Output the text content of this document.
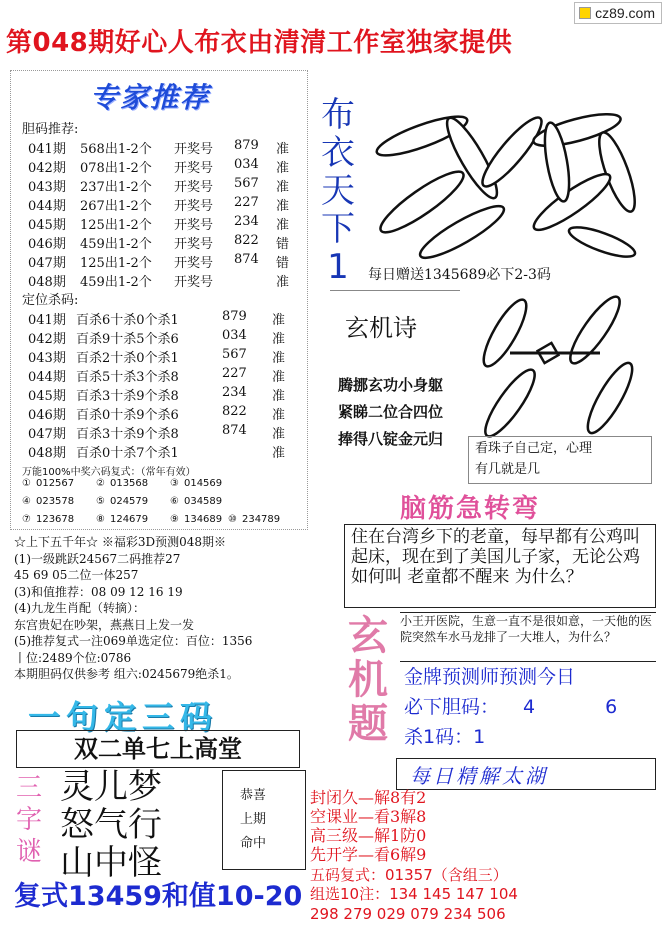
cz89.com
第048期好心人布衣由清清工作室独家提供
专家推荐
胆码推荐:
041期 568出1-2个 开奖号 879 准
042期 078出1-2个 开奖号 034 准
043期 237出1-2个 开奖号 567 准
044期 267出1-2个 开奖号 227 准
045期 125出1-2个 开奖号 234 准
046期 459出1-2个 开奖号 822 错
047期 125出1-2个 开奖号 874 错
048期 459出1-2个 开奖号	准
定位杀码:
041期 百杀6十杀0个杀1	879 准
042期 百杀9十杀5个杀6	034 准
043期 百杀2十杀0个杀1	567 准
044期 百杀5十杀3个杀8	227 准
045期 百杀3十杀9个杀8	234 准
046期 百杀0十杀9个杀6	822 准
047期 百杀3十杀9个杀8	874 准
048期 百杀0十杀7个杀1	准
万能100%中奖六码复式：（常年有效）
① 012567 ② 013568 ③ 014569
④ 023578 ⑤ 024579 ⑥ 034589
⑦ 123678 ⑧ 124679 ⑨ 134689 ⑩ 234789
布
衣
天
下
1	每日赠送1345689必下2-3码
玄机诗
腾挪玄功小身躯
紧睇二位合四位
捧得八锭金元归
看珠子自己定，心理
有几就是几
脑筋急转弯
住在台湾乡下的老童，每早都有公鸡叫起床，现在到了美国儿子家，无论公鸡如何叫 老童都不醒来 为什么？
☆上下五千年☆ ※福彩3D预测048期※
(1)一级跳跃24567二码推荐27
45 69 05二位一体257
(3)和值推荐：08 09 12 16 19
(4)九龙生肖配（转摘）：
东宫贵妃在吵架，燕燕日上发一发
(5)推荐复式一注069单选定位：百位：1356
丨位:2489个位:0786
本期胆码仅供参考 组六:0245679绝杀1。
玄
机
题
小王开医院，生意一直不是很如意，一天他的医院突然车水马龙排了一大堆人，为什么？
金牌预测师预测今日
必下胆码： 4	6
杀1码：1
一句定三码
双二单七上高堂
三
字
谜
灵儿梦
怒气行
山中怪
恭喜
上期
命中
复式13459和值10-20
每日精解太湖
封闭久—解8有2
空课业—看3解8
高三级—解1防0
先开学—看6解9
五码复式：01357（含组三）
组选10注：134 145 147 104
298 279 029 079 234 506
